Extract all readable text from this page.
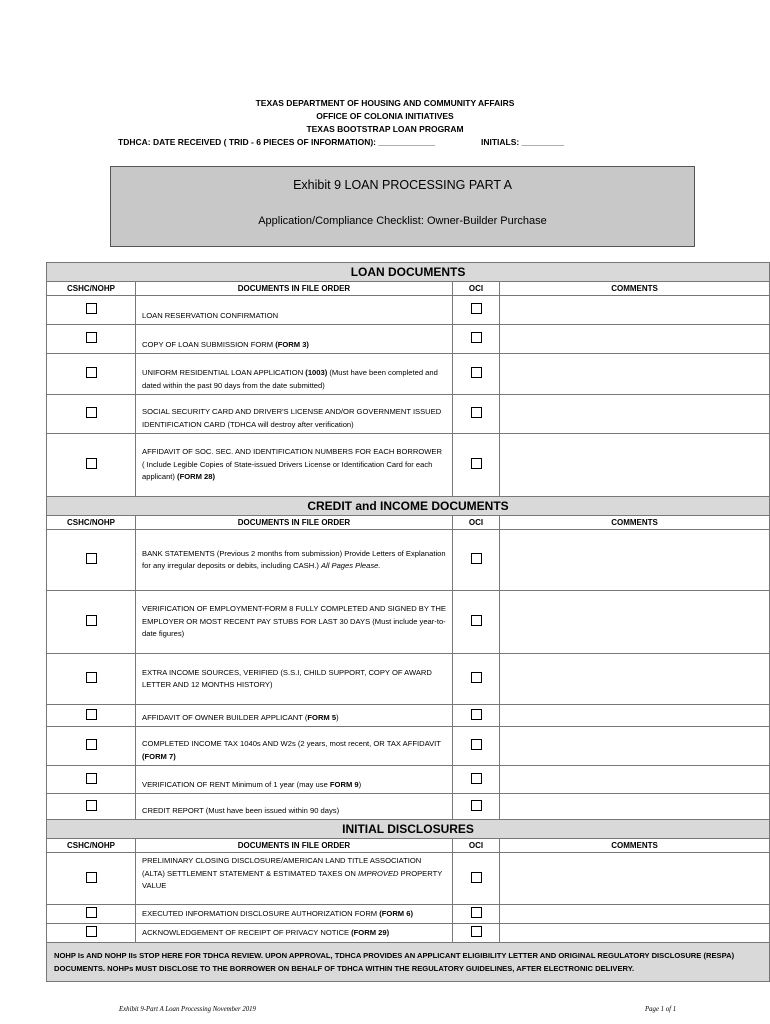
TEXAS DEPARTMENT OF HOUSING AND COMMUNITY AFFAIRS
OFFICE OF COLONIA INITIATIVES
TEXAS BOOTSTRAP LOAN PROGRAM
TDHCA: DATE RECEIVED ( TRID - 6 PIECES OF INFORMATION): ____________	INITIALS: _________
Exhibit 9 LOAN PROCESSING PART A
Application/Compliance Checklist: Owner-Builder Purchase
LOAN DOCUMENTS			
CSHC/NOHP	DOCUMENTS IN FILE ORDER	OCI	COMMENTS
	LOAN RESERVATION CONFIRMATION		
	COPY OF LOAN SUBMISSION FORM (FORM 3)		
	UNIFORM RESIDENTIAL LOAN APPLICATION (1003) (Must have been completed and dated within the past 90 days from the date submitted)		
	SOCIAL SECURITY CARD AND DRIVER'S LICENSE AND/OR GOVERNMENT ISSUED IDENTIFICATION CARD (TDHCA will destroy after verification)		
	AFFIDAVIT OF SOC. SEC. AND IDENTIFICATION NUMBERS FOR EACH BORROWER ( Include Legible Copies of State-issued Drivers License or Identification Card for each applicant) (FORM 28)		
CREDIT and INCOME DOCUMENTS			
CSHC/NOHP	DOCUMENTS IN FILE ORDER	OCI	COMMENTS
	BANK STATEMENTS (Previous 2 months from submission) Provide Letters of Explanation for any irregular deposits or debits, including CASH.) All Pages Please.		
	VERIFICATION OF EMPLOYMENT-FORM 8 FULLY COMPLETED AND SIGNED BY THE EMPLOYER OR MOST RECENT PAY STUBS FOR LAST 30 DAYS (Must include year-to-date figures)		
	EXTRA INCOME SOURCES, VERIFIED (S.S.I, CHILD SUPPORT, COPY OF AWARD LETTER AND 12 MONTHS HISTORY)		
	AFFIDAVIT OF OWNER BUILDER APPLICANT (FORM 5)		
	COMPLETED INCOME TAX 1040s AND W2s (2 years, most recent, OR TAX AFFIDAVIT (FORM 7)		
	VERIFICATION OF RENT Minimum of 1 year (may use FORM 9)		
	CREDIT REPORT (Must have been issued within 90 days)		
INITIAL DISCLOSURES			
CSHC/NOHP	DOCUMENTS IN FILE ORDER	OCI	COMMENTS
	PRELIMINARY CLOSING DISCLOSURE/AMERICAN LAND TITLE ASSOCIATION (ALTA) SETTLEMENT STATEMENT & ESTIMATED TAXES ON IMPROVED PROPERTY VALUE		
	EXECUTED INFORMATION DISCLOSURE AUTHORIZATION FORM (FORM 6)		
	ACKNOWLEDGEMENT OF RECEIPT OF PRIVACY NOTICE (FORM 29)		
NOHP Is AND NOHP IIs STOP HERE FOR TDHCA REVIEW. UPON APPROVAL, TDHCA PROVIDES AN APPLICANT ELIGIBILITY LETTER AND ORIGINAL REGULATORY DISCLOSURE (RESPA) DOCUMENTS. NOHPs MUST DISCLOSE TO THE BORROWER ON BEHALF OF TDHCA WITHIN THE REGULATORY GUIDELINES, AFTER ELECTRONIC DELIVERY.			
Exhibit 9-Part A Loan Processing November 2019	Page 1 of 1
